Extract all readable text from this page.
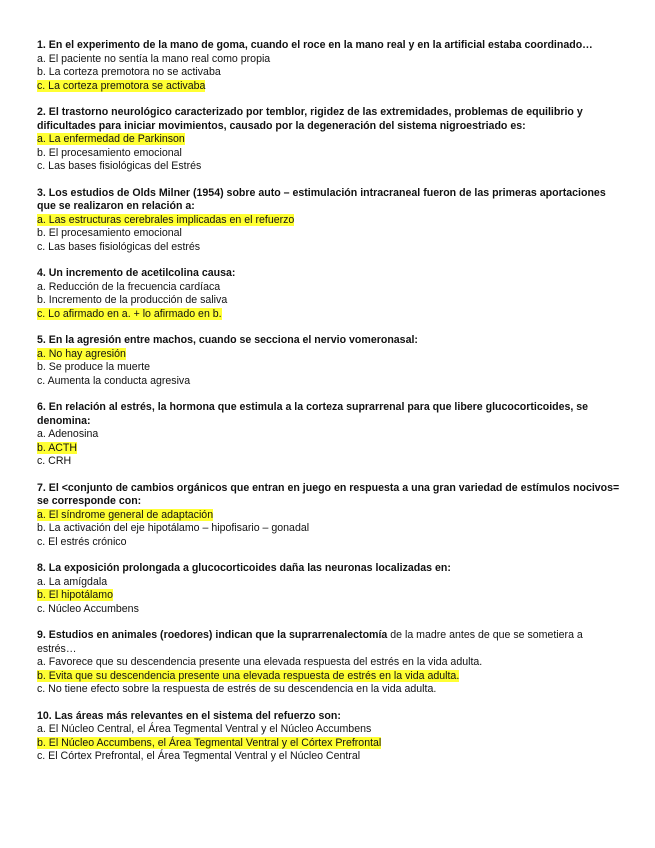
1. En el experimento de la mano de goma, cuando el roce en la mano real y en la artificial estaba coordinado…
a. El paciente no sentía la mano real como propia
b. La corteza premotora no se activaba
c. La corteza premotora se activaba
2. El trastorno neurológico caracterizado por temblor, rigidez de las extremidades, problemas de equilibrio y dificultades para iniciar movimientos, causado por la degeneración del sistema nigroestriado es:
a. La enfermedad de Parkinson
b. El procesamiento emocional
c. Las bases fisiológicas del Estrés
3. Los estudios de Olds Milner (1954) sobre auto – estimulación intracraneal fueron de las primeras aportaciones que se realizaron en relación a:
a. Las estructuras cerebrales implicadas en el refuerzo
b. El procesamiento emocional
c. Las bases fisiológicas del estrés
4. Un incremento de acetilcolina causa:
a. Reducción de la frecuencia cardíaca
b. Incremento de la producción de saliva
c. Lo afirmado en a. + lo afirmado en b.
5. En la agresión entre machos, cuando se secciona el nervio vomeronasal:
a. No hay agresión
b. Se produce la muerte
c. Aumenta la conducta agresiva
6. En relación al estrés, la hormona que estimula a la corteza suprarrenal para que libere glucocorticoides, se denomina:
a. Adenosina
b. ACTH
c. CRH
7. El <conjunto de cambios orgánicos que entran en juego en respuesta a una gran variedad de estímulos nocivos= se corresponde con:
a. El síndrome general de adaptación
b. La activación del eje hipotálamo – hipofisario – gonadal
c. El estrés crónico
8. La exposición prolongada a glucocorticoides daña las neuronas localizadas en:
a. La amígdala
b. El hipotálamo
c. Núcleo Accumbens
9. Estudios en animales (roedores) indican que la suprarrenalectomía de la madre antes de que se sometiera a estrés…
a. Favorece que su descendencia presente una elevada respuesta del estrés en la vida adulta.
b. Evita que su descendencia presente una elevada respuesta de estrés en la vida adulta.
c. No tiene efecto sobre la respuesta de estrés de su descendencia en la vida adulta.
10. Las áreas más relevantes en el sistema del refuerzo son:
a. El Núcleo Central, el Área Tegmental Ventral y el Núcleo Accumbens
b. El Núcleo Accumbens, el Área Tegmental Ventral y el Córtex Prefrontal
c. El Córtex Prefrontal, el Área Tegmental Ventral y el Núcleo Central
